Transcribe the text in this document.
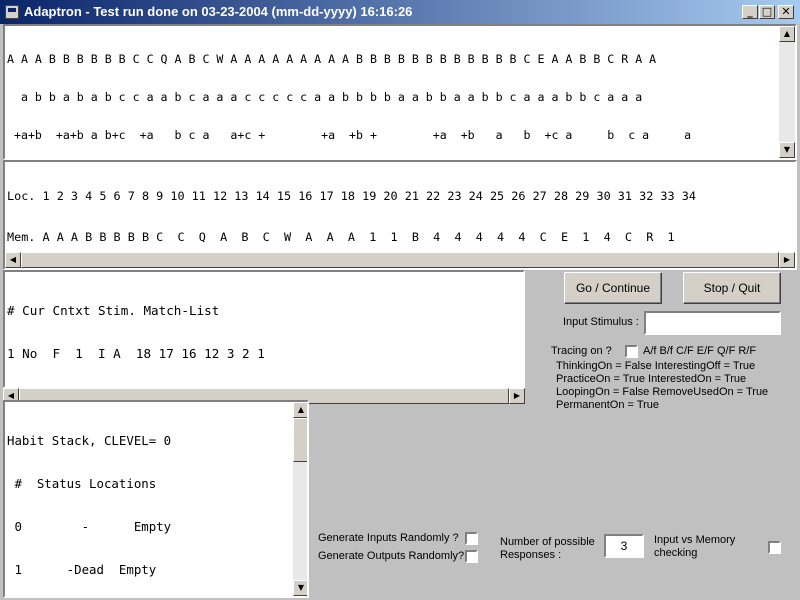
Adaptron - Test run done on 03-23-2004 (mm-dd-yyyy) 16:16:26	_ □ ✕

A A A B B B B B B C C Q A B C W A A A A A A A A A B B B B B B B B B B B B C E A A B B C R A A

a b b a b a b c c a a b c a a a c c c c c a a b b b b a a b b a a b b c a a a b b c a a a

+a+b  +a+b a b+c  +a   b c a   a+c +        +a  +b +        +a  +b   a   b  +c a     b  c a     a

▲
▼

Loc. 1 2 3 4 5 6 7 8 9 10 11 12 13 14 15 16 17 18 19 20 21 22 23 24 25 26 27 28 29 30 31 32 33 34

Mem. A A A B B B B B C  C  Q  A  B  C  W  A  A  A  1  1  B  4  4  4  4  4  C  E  1  4  C  R  1

◀	▶

# Cur Cntxt Stim. Match-List

1 No  F  1  I A  18 17 16 12 3 2 1

◀	▶

Habit Stack, CLEVEL= 0

#  Status Locations

0        -      Empty

1      -Dead  Empty

▲
▼
Go / Continue	Stop / Quit
Input Stimulus :
Tracing on ?	A/f B/f C/F E/F Q/F R/F
ThinkingOn = False InterestingOff = True
PracticeOn = True InterestedOn = True
LoopingOn = False RemoveUsedOn = True
PermanentOn = True
Generate Inputs Randomly ?
Generate Outputs Randomly?
Number of possible Responses :
3
Input vs Memory checking
